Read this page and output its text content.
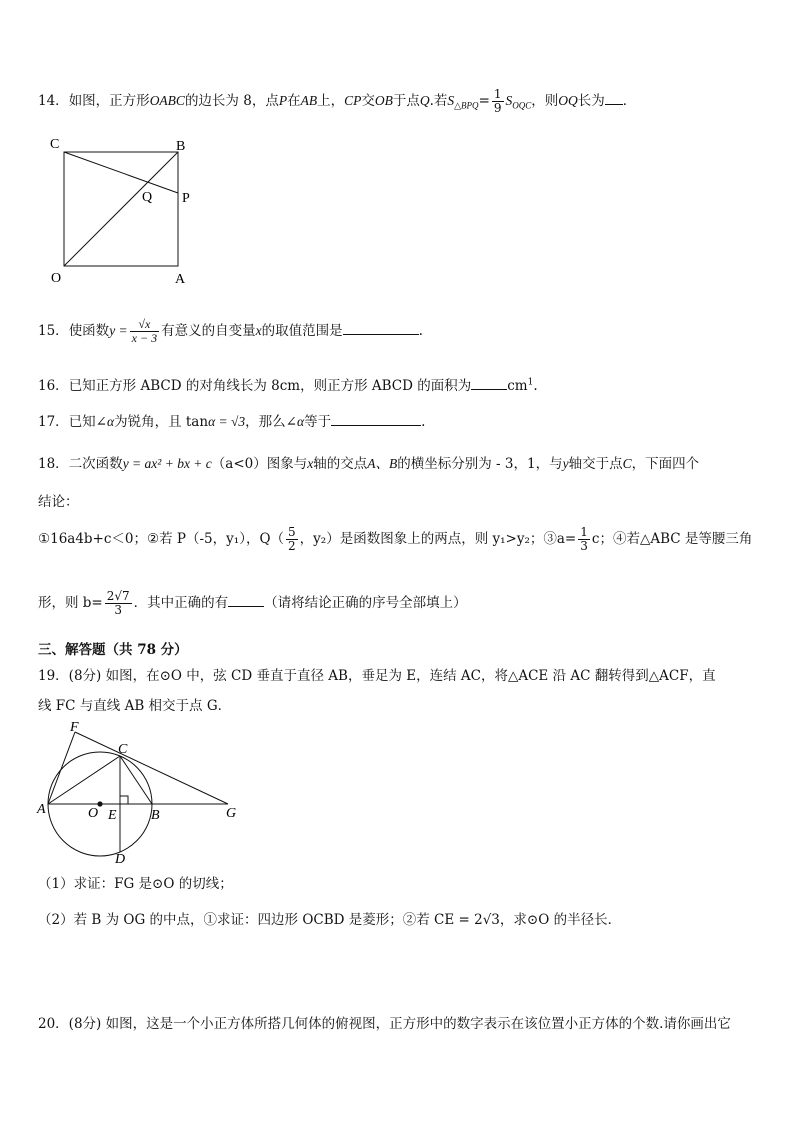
14．如图，正方形OABC的边长为 8，点P在AB上，CP交OB于点Q.若$S_{\triangle BPQ}= \frac{1}{9} S_{OQC}$，则OQ长为 ．
C	B
P
Q
O	A
15．使函数$y = \frac{√x}{x - 3}$ 有意义的自变量x的取值范围是	.
16．已知正方形 ABCD 的对角线长为 8cm，则正方形 ABCD 的面积为	$cm^1$.
17．已知∠α为锐角，且 tanα = √3，那么∠α等于	.
18．二次函数y = ax² + bx + c（a<0）图象与x轴的交点A、B的横坐标分别为 - 3，1，与y轴交于点C，下面四个
结论：
①16a4b+c＜0；②若 P（-5，y₁），$Q( \frac{5}{2}$ ，y₂）是函数图象上的两点，则 y₁>y₂；③a= $\frac{1}{3}$ c；④若△ABC 是等腰三角
形，则 $b= \frac{2√7}{3}$ ．其中正确的有	（请将结论正确的序号全部填上）
三、解答题（共 78 分）
19．(8分) 如图，在⊙O 中，弦 CD 垂直于直径 AB，垂足为 E，连结 AC，将△ACE 沿 AC 翻转得到△ACF，直
线 FC 与直线 AB 相交于点 G．
F
C
A	O E B	G
D
（1）求证：FG 是⊙O 的切线；
（2）若 B 为 OG 的中点，①求证：四边形 OCBD 是菱形；②若 CE = 2√3，求⊙O 的半径长．
20．(8分) 如图，这是一个小正方体所搭几何体的俯视图，正方形中的数字表示在该位置小正方体的个数.请你画出它
